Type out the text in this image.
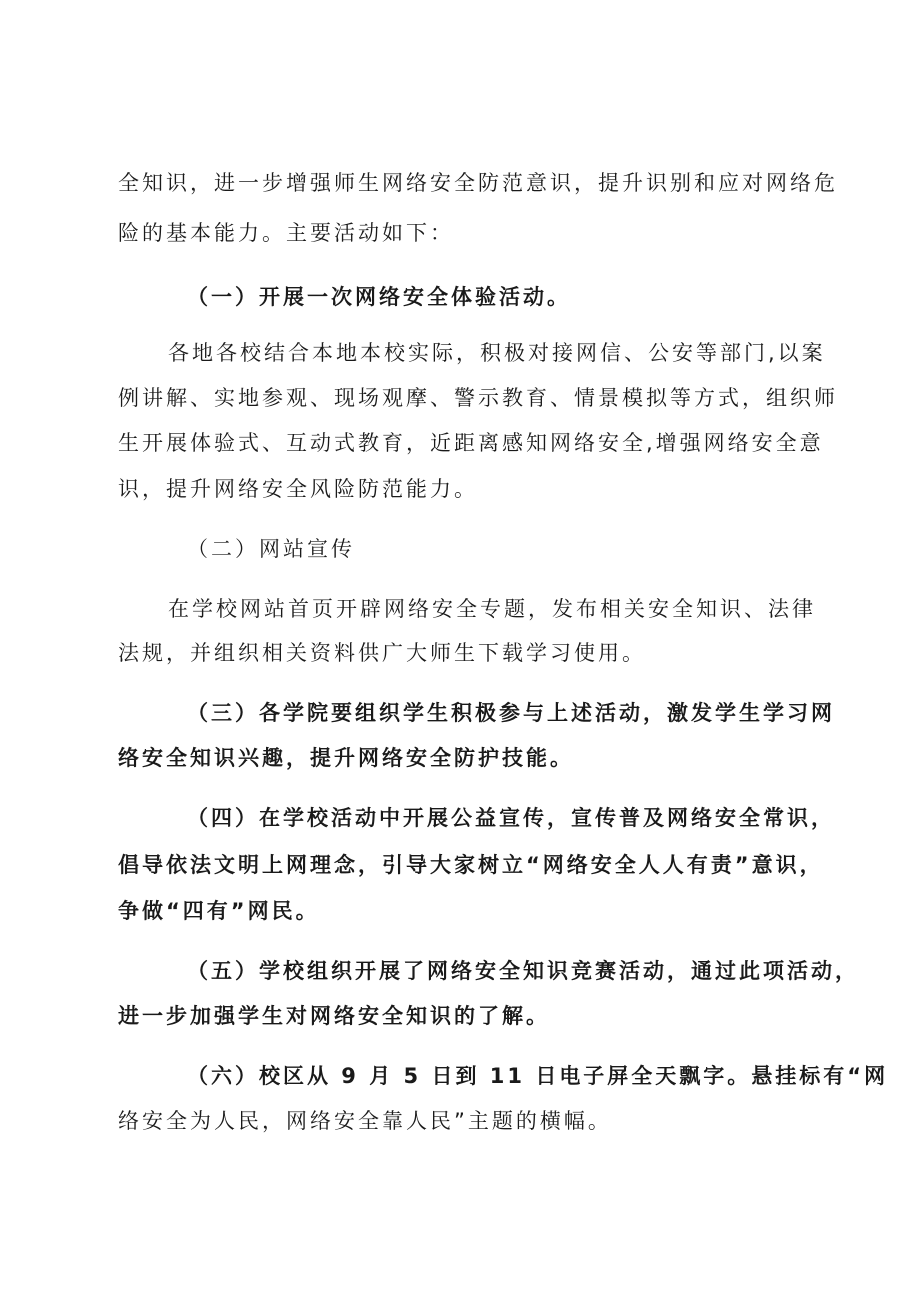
全知识，进一步增强师生网络安全防范意识，提升识别和应对网络危
险的基本能力。主要活动如下：
（一）开展一次网络安全体验活动。
各地各校结合本地本校实际，积极对接网信、公安等部门,以案
例讲解、实地参观、现场观摩、警示教育、情景模拟等方式，组织师
生开展体验式、互动式教育，近距离感知网络安全,增强网络安全意
识，提升网络安全风险防范能力。
（二）网站宣传
在学校网站首页开辟网络安全专题，发布相关安全知识、法律
法规，并组织相关资料供广大师生下载学习使用。
（三）各学院要组织学生积极参与上述活动，激发学生学习网
络安全知识兴趣，提升网络安全防护技能。
（四）在学校活动中开展公益宣传，宣传普及网络安全常识，
倡导依法文明上网理念，引导大家树立“网络安全人人有责”意识，
争做“四有”网民。
（五）学校组织开展了网络安全知识竞赛活动，通过此项活动，
进一步加强学生对网络安全知识的了解。
（六）校区从 9 月 5 日到 11 日电子屏全天飘字。悬挂标有“网
络安全为人民，网络安全靠人民”主题的横幅。
